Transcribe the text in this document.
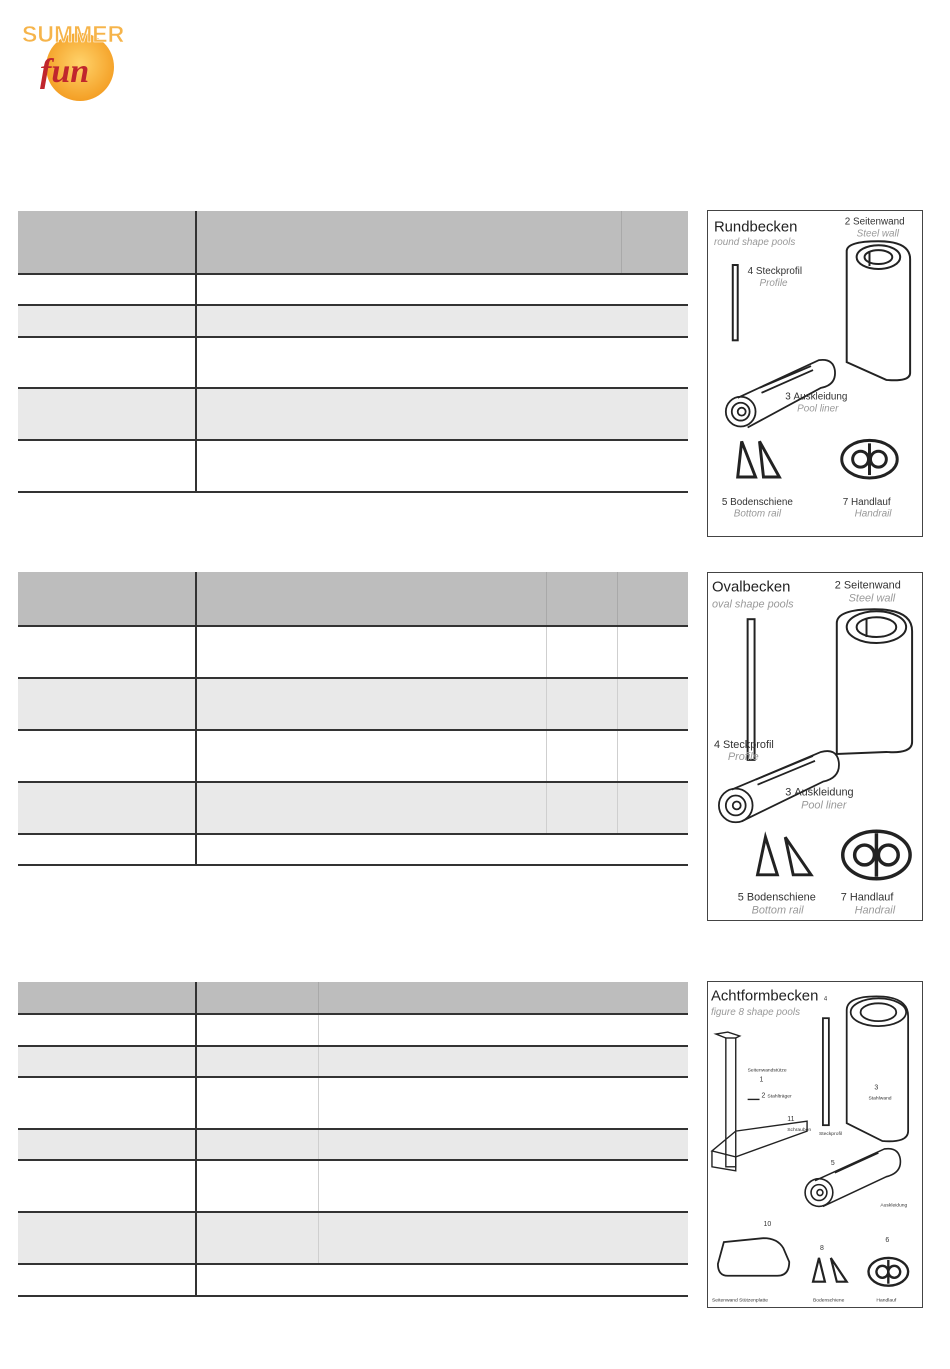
SUMMER
fun
Rundbecken
round shape pools
2 Seitenwand
Steel wall
4 Steckprofil
Profile
3 Auskleidung
Pool liner
5 Bodenschiene
Bottom rail
7 Handlauf
Handrail
Ovalbecken
oval shape pools
2 Seitenwand
Steel wall
4 Steckprofil
Profile
3 Auskleidung
Pool liner
5 Bodenschiene
Bottom rail
7 Handlauf
Handrail
Achtformbecken
figure 8 shape pools
Seitenwandstütze
1
2 Stahlträger
11
Schrauben
4
Steckprofil
3
Stahlwand
5
Auskleidung
10
Seitenwand Stützenplatte
8
Bodenschiene
6
Handlauf
